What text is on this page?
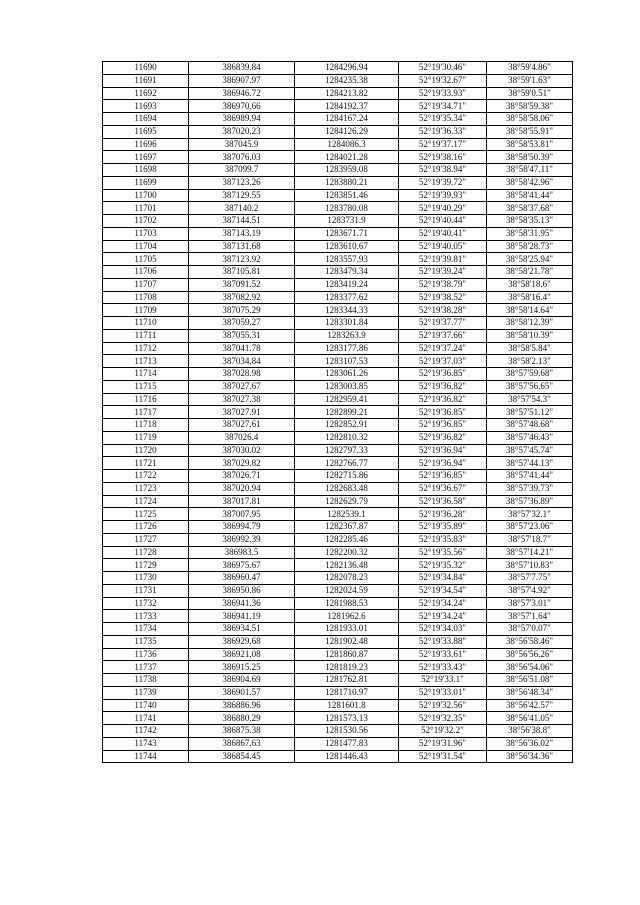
11690	386839.84	1284296.94	52°19'30.46"	38°59'4.86"
11691	386907.97	1284235.38	52°19'32.67"	38°59'1.63"
11692	386946.72	1284213.82	52°19'33.93"	38°59'0.51"
11693	386970.66	1284192.37	52°19'34.71"	38°58'59.38"
11694	386989.94	1284167.24	52°19'35.34"	38°58'58.06"
11695	387020.23	1284126.29	52°19'36.33"	38°58'55.91"
11696	387045.9	1284086.3	52°19'37.17"	38°58'53.81"
11697	387076.03	1284021.28	52°19'38.16"	38°58'50.39"
11698	387099.7	1283959.08	52°19'38.94"	38°58'47.11"
11699	387123.26	1283880.21	52°19'39.72"	38°58'42.96"
11700	387129.55	1283851.46	52°19'39.93"	38°58'41.44"
11701	387140.2	1283780.08	52°19'40.29"	38°58'37.68"
11702	387144.51	1283731.9	52°19'40.44"	38°58'35.13"
11703	387143.19	1283671.71	52°19'40.41"	38°58'31.95"
11704	387131.68	1283610.67	52°19'40.05"	38°58'28.73"
11705	387123.92	1283557.93	52°19'39.81"	38°58'25.94"
11706	387105.81	1283479.34	52°19'39.24"	38°58'21.78"
11707	387091.52	1283419.24	52°19'38.79"	38°58'18.6"
11708	387082.92	1283377.62	52°19'38.52"	38°58'16.4"
11709	387075.29	1283344.33	52°19'38.28"	38°58'14.64"
11710	387059.27	1283301.84	52°19'37.77"	38°58'12.39"
11711	387055.31	1283263.9	52°19'37.66"	38°58'10.39"
11712	387041.78	1283177.86	52°19'37.24"	38°58'5.84"
11713	387034.84	1283107.53	52°19'37.03"	38°58'2.13"
11714	387028.98	1283061.26	52°19'36.85"	38°57'59.68"
11715	387027.67	1283003.85	52°19'36.82"	38°57'56.65"
11716	387027.38	1282959.41	52°19'36.82"	38°57'54.3"
11717	387027.91	1282899.21	52°19'36.85"	38°57'51.12"
11718	387027.61	1282852.91	52°19'36.85"	38°57'48.68"
11719	387026.4	1282810.32	52°19'36.82"	38°57'46.43"
11720	387030.02	1282797.33	52°19'36.94"	38°57'45.74"
11721	387029.82	1282766.77	52°19'36.94"	38°57'44.13"
11722	387026.71	1282715.86	52°19'36.85"	38°57'41.44"
11723	387020.94	1282683.48	52°19'36.67"	38°57'39.73"
11724	387017.81	1282629.79	52°19'36.58"	38°57'36.89"
11725	387007.95	1282539.1	52°19'36.28"	38°57'32.1"
11726	386994.79	1282367.87	52°19'35.89"	38°57'23.06"
11727	386992.39	1282285.46	52°19'35.83"	38°57'18.7"
11728	386983.5	1282200.32	52°19'35.56"	38°57'14.21"
11729	386975.67	1282136.48	52°19'35.32"	38°57'10.83"
11730	386960.47	1282078.23	52°19'34.84"	38°57'7.75"
11731	386950.86	1282024.59	52°19'34.54"	38°57'4.92"
11732	386941.36	1281988.53	52°19'34.24"	38°57'3.01"
11733	386941.19	1281962.6	52°19'34.24"	38°57'1.64"
11734	386934.51	1281933.01	52°19'34.03"	38°57'0.07"
11735	386929.68	1281902.48	52°19'33.88"	38°56'58.46"
11736	386921.08	1281860.87	52°19'33.61"	38°56'56.26"
11737	386915.25	1281819.23	52°19'33.43"	38°56'54.06"
11738	386904.69	1281762.81	52°19'33.1"	38°56'51.08"
11739	386901.57	1281710.97	52°19'33.01"	38°56'48.34"
11740	386886.96	1281601.8	52°19'32.56"	38°56'42.57"
11741	386880.29	1281573.13	52°19'32.35"	38°56'41.05"
11742	386875.38	1281530.56	52°19'32.2"	38°56'38.8"
11743	386867.63	1281477.83	52°19'31.96"	38°56'36.02"
11744	386854.45	1281446.43	52°19'31.54"	38°56'34.36"
